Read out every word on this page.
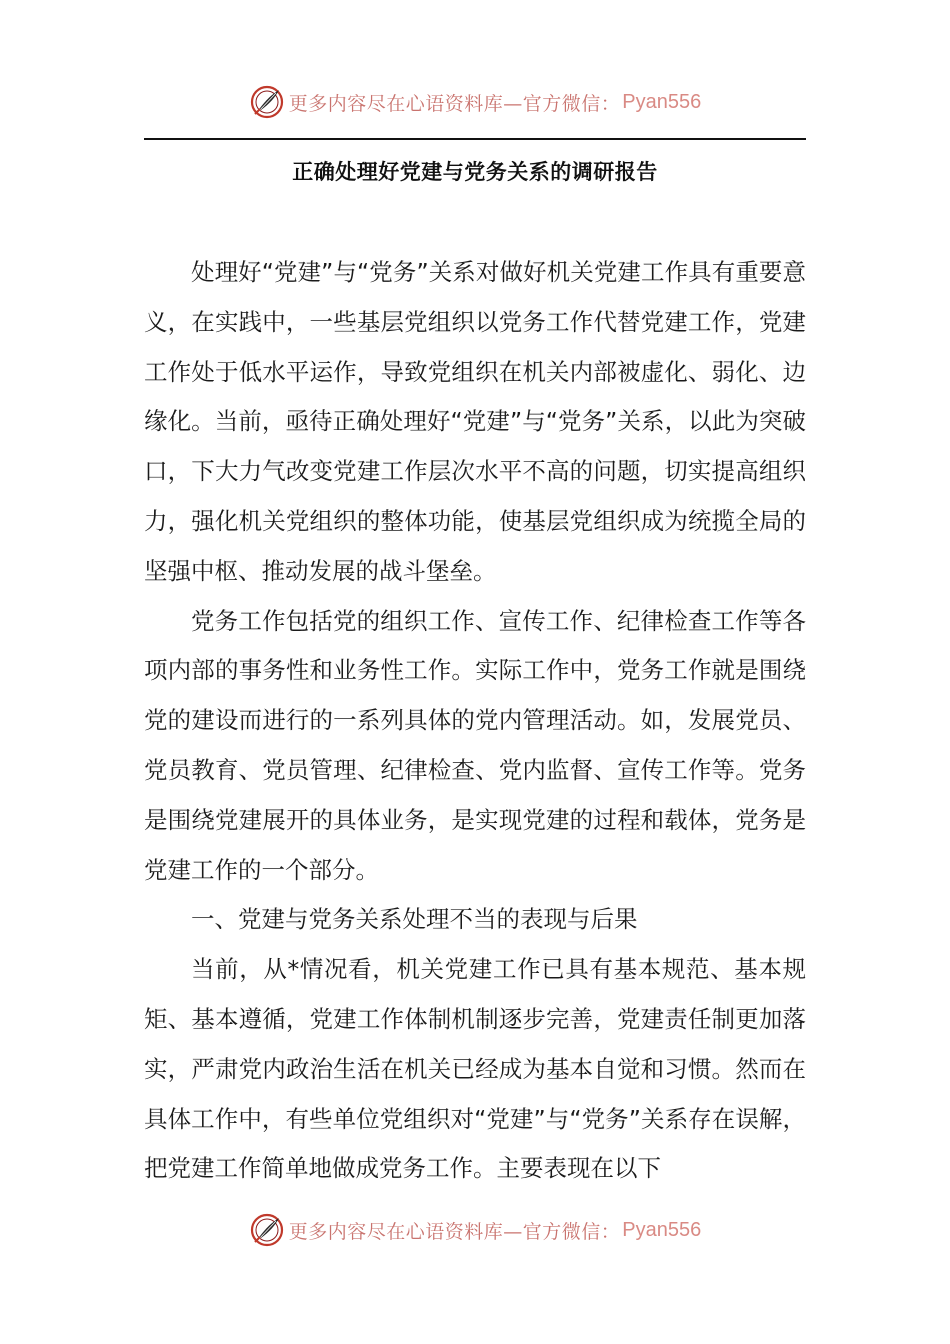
更多内容尽在心语资料库—官方微信： Pyan556
正确处理好党建与党务关系的调研报告

处理好“党建”与“党务”关系对做好机关党建工作具有重要意义，在实践中，一些基层党组织以党务工作代替党建工作，党建工作处于低水平运作，导致党组织在机关内部被虚化、弱化、边缘化。当前，亟待正确处理好“党建”与“党务”关系，以此为突破口，下大力气改变党建工作层次水平不高的问题，切实提高组织力，强化机关党组织的整体功能，使基层党组织成为统揽全局的坚强中枢、推动发展的战斗堡垒。

党务工作包括党的组织工作、宣传工作、纪律检查工作等各项内部的事务性和业务性工作。实际工作中，党务工作就是围绕党的建设而进行的一系列具体的党内管理活动。如，发展党员、党员教育、党员管理、纪律检查、党内监督、宣传工作等。党务是围绕党建展开的具体业务，是实现党建的过程和载体，党务是党建工作的一个部分。

一、党建与党务关系处理不当的表现与后果

当前，从*情况看，机关党建工作已具有基本规范、基本规矩、基本遵循，党建工作体制机制逐步完善，党建责任制更加落实，严肃党内政治生活在机关已经成为基本自觉和习惯。然而在具体工作中，有些单位党组织对“党建”与“党务”关系存在误解，把党建工作简单地做成党务工作。主要表现在以下

更多内容尽在心语资料库—官方微信： Pyan556
